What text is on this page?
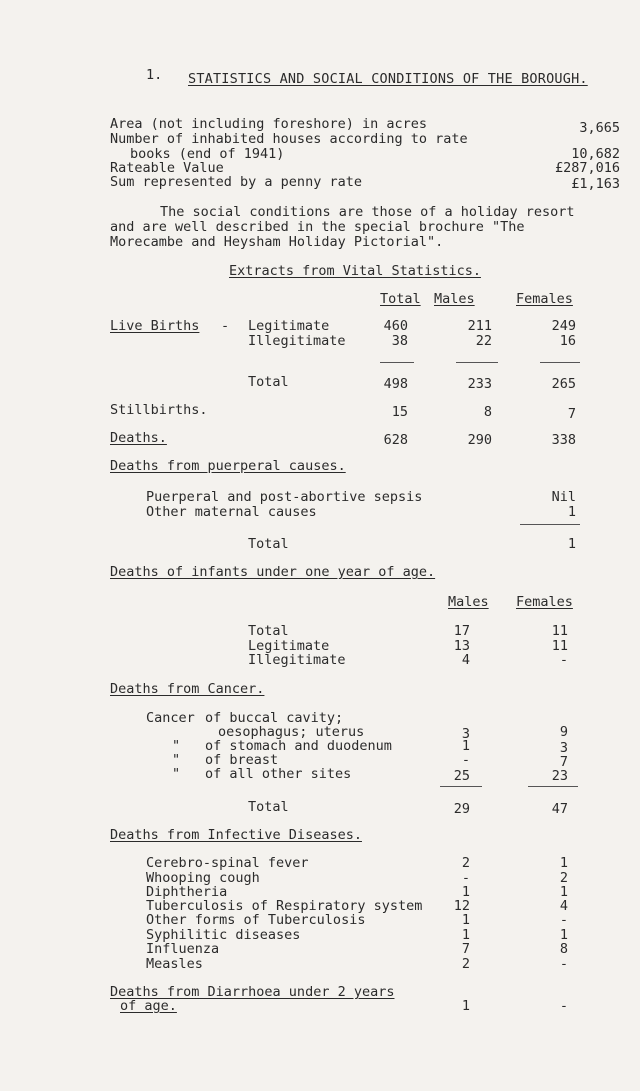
1. STATISTICS AND SOCIAL CONDITIONS OF THE BOROUGH.
Area (not including foreshore) in acres	3,665
Number of inhabited houses according to rate
books (end of 1941)	10,682
Rateable Value	£287,016
Sum represented by a penny rate	£1,163
The social conditions are those of a holiday resort
and are well described in the special brochure "The
Morecambe and Heysham Holiday Pictorial".
Extracts from Vital Statistics.
Total Males	Females
Live Births - Legitimate	460	211	249
Illegitimate	38	22	16
Total	498	233	265
Stillbirths.	15	8	7
Deaths.	628	290	338
Deaths from puerperal causes.
Puerperal and post-abortive sepsis	Nil
Other maternal causes	1
Total	1
Deaths of infants under one year of age.
Males Females
Total	17	11
Legitimate	13	11
Illegitimate	4	-
Deaths from Cancer.
Cancer of buccal cavity;
oesophagus; uterus	3	9
" of stomach and duodenum	1	3
" of breast	-	7
" of all other sites	25	23
Total	29	47
Deaths from Infective Diseases.
Cerebro-spinal fever	2	1
Whooping cough	-	2
Diphtheria	1	1
Tuberculosis of Respiratory system	12	4
Other forms of Tuberculosis	1	-
Syphilitic diseases	1	1
Influenza	7	8
Measles	2	-
Deaths from Diarrhoea under 2 years
of age.	1	-
